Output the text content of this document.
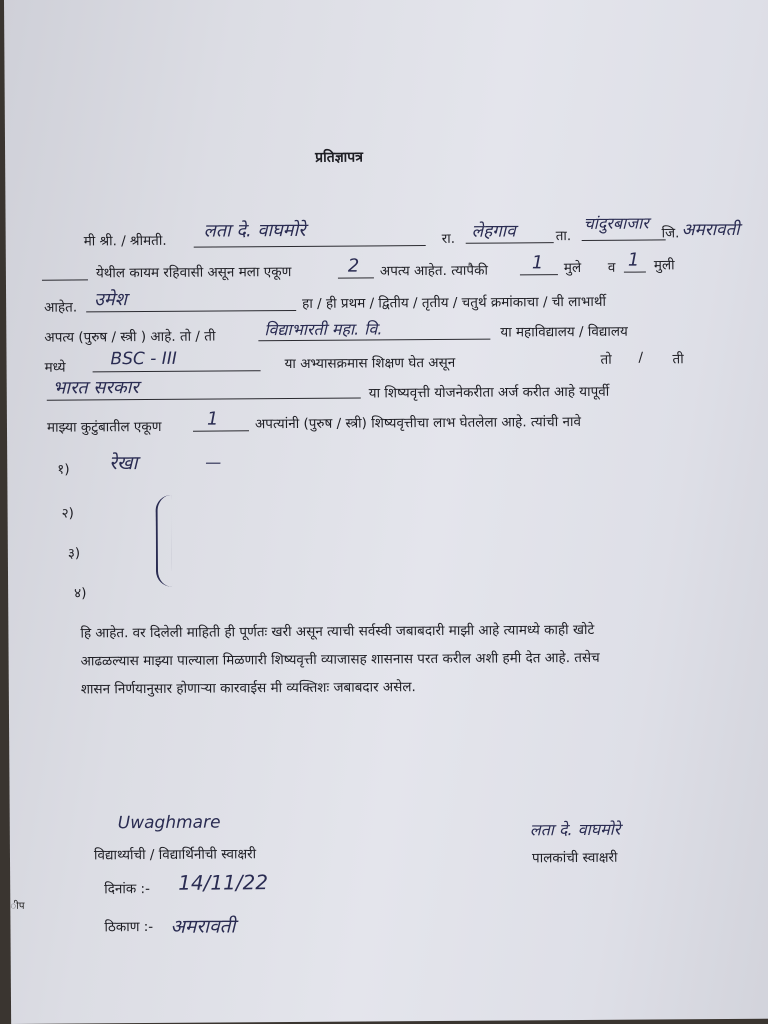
प्रतिज्ञापत्र
मी श्री. / श्रीमती. लता दे. वाघमोरे	रा. लेहगाव	ता.
चांदुरबाजार
जि. अमरावती
येथील कायम रहिवासी असून मला एकूण	2 अपत्य आहेत. त्यापैकी 1 मुले व 1 मुली
आहेत. उमेश	हा / ही प्रथम / द्वितीय / तृतीय / चतुर्थ क्रमांकाचा / ची लाभार्थी
अपत्य (पुरुष / स्त्री ) आहे. तो / ती	विद्याभारती महा. वि.	या महाविद्यालय / विद्यालय
मध्ये	BSC - III	या अभ्यासक्रमास शिक्षण घेत असून	तो / ती
भारत सरकार	या शिष्यवृत्ती योजनेकरीता अर्ज करीत आहे यापूर्वी
माझ्या कुटुंबातील एकूण	1	अपत्यांनी (पुरुष / स्त्री) शिष्यवृत्तीचा लाभ घेतलेला आहे. त्यांची नावे
१) रेखा	—
२)
३)
४)
हि आहेत. वर दिलेली माहिती ही पूर्णतः खरी असून त्याची सर्वस्वी जबाबदारी माझी आहे त्यामध्ये काही खोटे
आढळल्यास माझ्या पाल्याला मिळणारी शिष्यवृत्ती व्याजासह शासनास परत करील अशी हमी देत आहे. तसेच
शासन निर्णयानुसार होणाऱ्या कारवाईस मी व्यक्तिशः जबाबदार असेल.
Uwaghmare
विद्यार्थ्याची / विद्यार्थिनीची स्वाक्षरी
लता दे. वाघमोरे
पालकांची स्वाक्षरी
दिनांक :- 14/11/22
ठिकाण :- अमरावती
ीप
